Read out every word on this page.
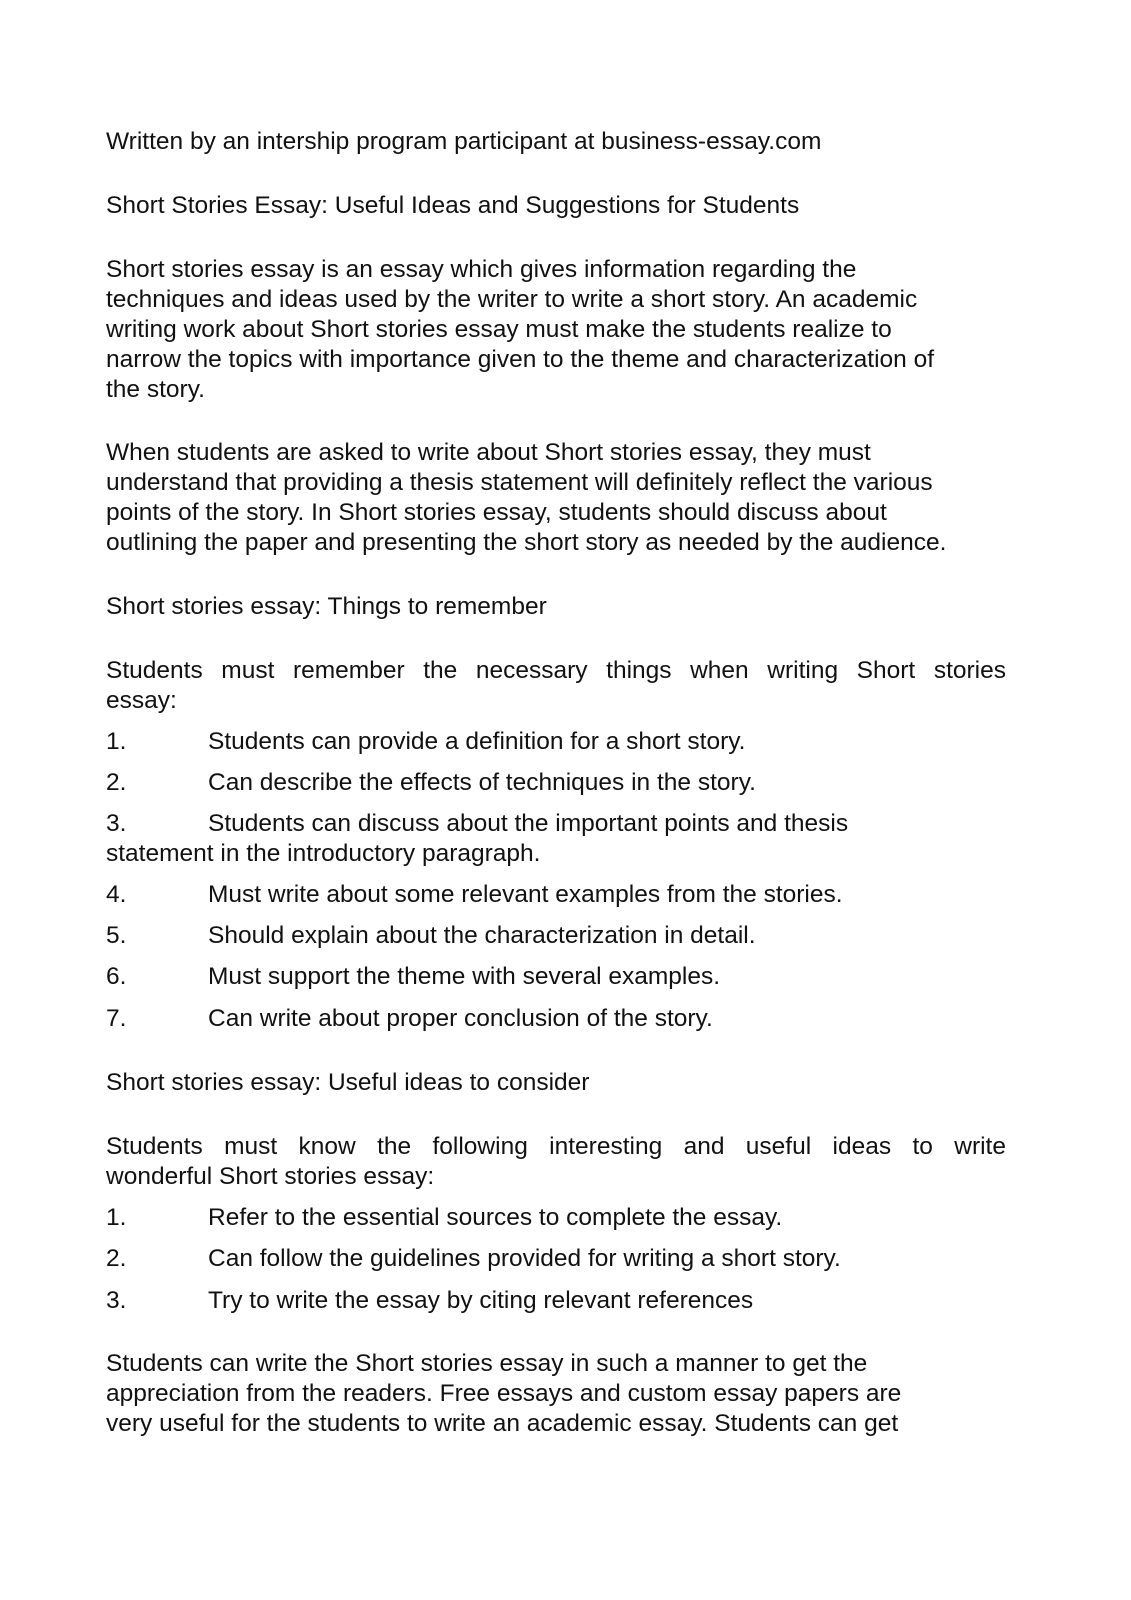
Written by an intership program participant at business-essay.com
Short Stories Essay: Useful Ideas and Suggestions for Students
Short stories essay is an essay which gives information regarding the
techniques and ideas used by the writer to write a short story. An academic
writing work about Short stories essay must make the students realize to
narrow the topics with importance given to the theme and characterization of
the story.
When students are asked to write about Short stories essay, they must
understand that providing a thesis statement will definitely reflect the various
points of the story. In Short stories essay, students should discuss about
outlining the paper and presenting the short story as needed by the audience.
Short stories essay: Things to remember
Students must remember the necessary things when writing Short stories
essay:
1.	Students can provide a definition for a short story.
2.	Can describe the effects of techniques in the story.
3.	Students can discuss about the important points and thesis
statement in the introductory paragraph.
4.	Must write about some relevant examples from the stories.
5.	Should explain about the characterization in detail.
6.	Must support the theme with several examples.
7.	Can write about proper conclusion of the story.
Short stories essay: Useful ideas to consider
Students must know the following interesting and useful ideas to write
wonderful Short stories essay:
1.	Refer to the essential sources to complete the essay.
2.	Can follow the guidelines provided for writing a short story.
3.	Try to write the essay by citing relevant references
Students can write the Short stories essay in such a manner to get the
appreciation from the readers. Free essays and custom essay papers are
very useful for the students to write an academic essay. Students can get
